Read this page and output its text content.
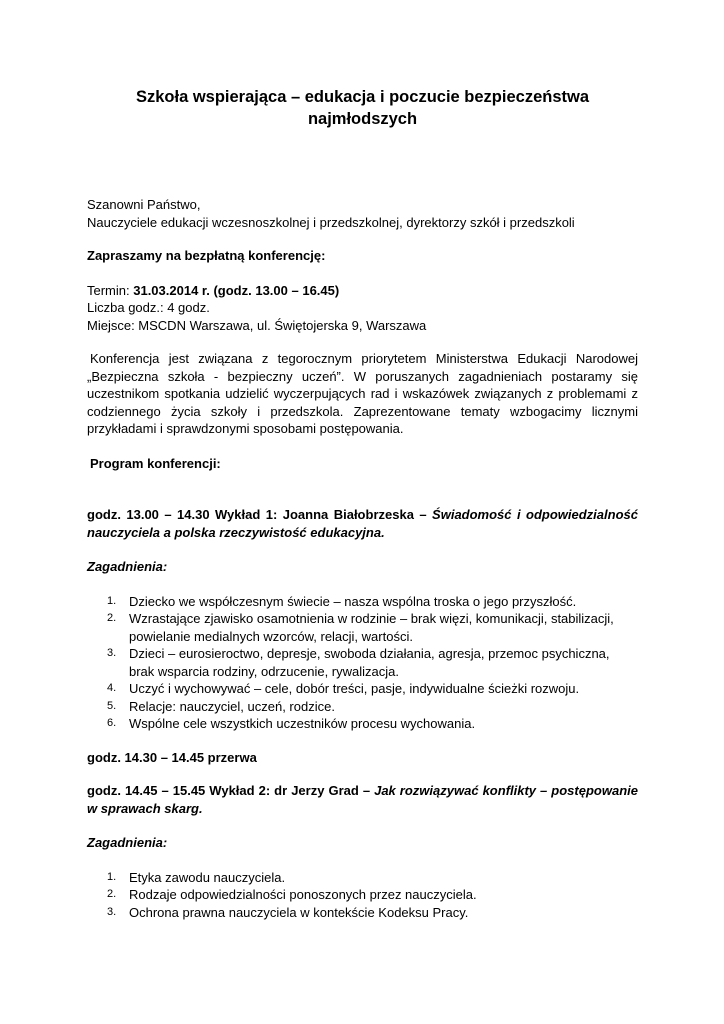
Szkoła wspierająca – edukacja i poczucie bezpieczeństwa
najmłodszych

Szanowni Państwo,

Nauczyciele edukacji wczesnoszkolnej i przedszkolnej, dyrektorzy szkół i przedszkoli

Zapraszamy na bezpłatną konferencję:

Termin: 31.03.2014 r. (godz. 13.00 – 16.45)

Liczba godz.: 4 godz.

Miejsce: MSCDN Warszawa, ul. Świętojerska 9, Warszawa

Konferencja jest związana z tegorocznym priorytetem Ministerstwa Edukacji Narodowej „Bezpieczna szkoła - bezpieczny uczeń”. W poruszanych zagadnieniach postaramy się uczestnikom spotkania udzielić wyczerpujących rad i wskazówek związanych z problemami z codziennego życia szkoły i przedszkola. Zaprezentowane tematy wzbogacimy licznymi przykładami i sprawdzonymi sposobami postępowania.

Program konferencji:

godz. 13.00 – 14.30 Wykład 1: Joanna Białobrzeska – Świadomość i odpowiedzialność nauczyciela a polska rzeczywistość edukacyjna.

Zagadnienia:

1. Dziecko we współczesnym świecie – nasza wspólna troska o jego przyszłość.
2. Wzrastające zjawisko osamotnienia w rodzinie – brak więzi, komunikacji, stabilizacji, powielanie medialnych wzorców, relacji, wartości.
3. Dzieci – eurosieroctwo, depresje, swoboda działania, agresja, przemoc psychiczna, brak wsparcia rodziny, odrzucenie, rywalizacja.
4. Uczyć i wychowywać – cele, dobór treści, pasje, indywidualne ścieżki rozwoju.
5. Relacje: nauczyciel, uczeń, rodzice.
6. Wspólne cele wszystkich uczestników procesu wychowania.

godz. 14.30 – 14.45 przerwa

godz. 14.45 – 15.45 Wykład 2: dr Jerzy Grad – Jak rozwiązywać konflikty – postępowanie w sprawach skarg.

Zagadnienia:

1. Etyka zawodu nauczyciela.
2. Rodzaje odpowiedzialności ponoszonych przez nauczyciela.
3. Ochrona prawna nauczyciela w kontekście Kodeksu Pracy.
